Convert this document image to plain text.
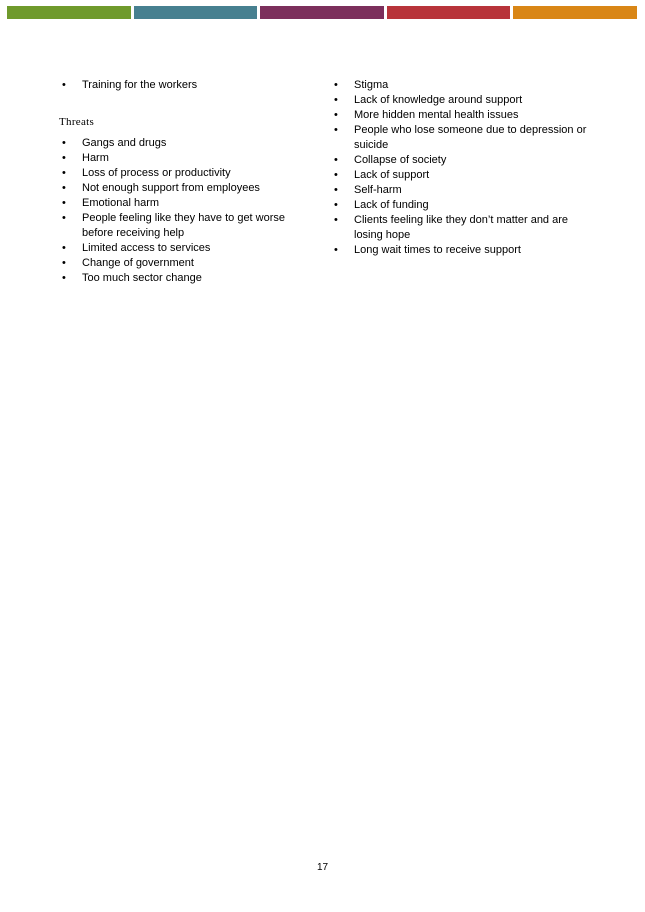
• Training for the workers
Threats
• Gangs and drugs
• Harm
• Loss of process or productivity
• Not enough support from employees
• Emotional harm
• People feeling like they have to get worse before receiving help
• Limited access to services
• Change of government
• Too much sector change
• Stigma
• Lack of knowledge around support
• More hidden mental health issues
• People who lose someone due to depression or suicide
• Collapse of society
• Lack of support
• Self-harm
• Lack of funding
• Clients feeling like they don’t matter and are losing hope
• Long wait times to receive support
17
